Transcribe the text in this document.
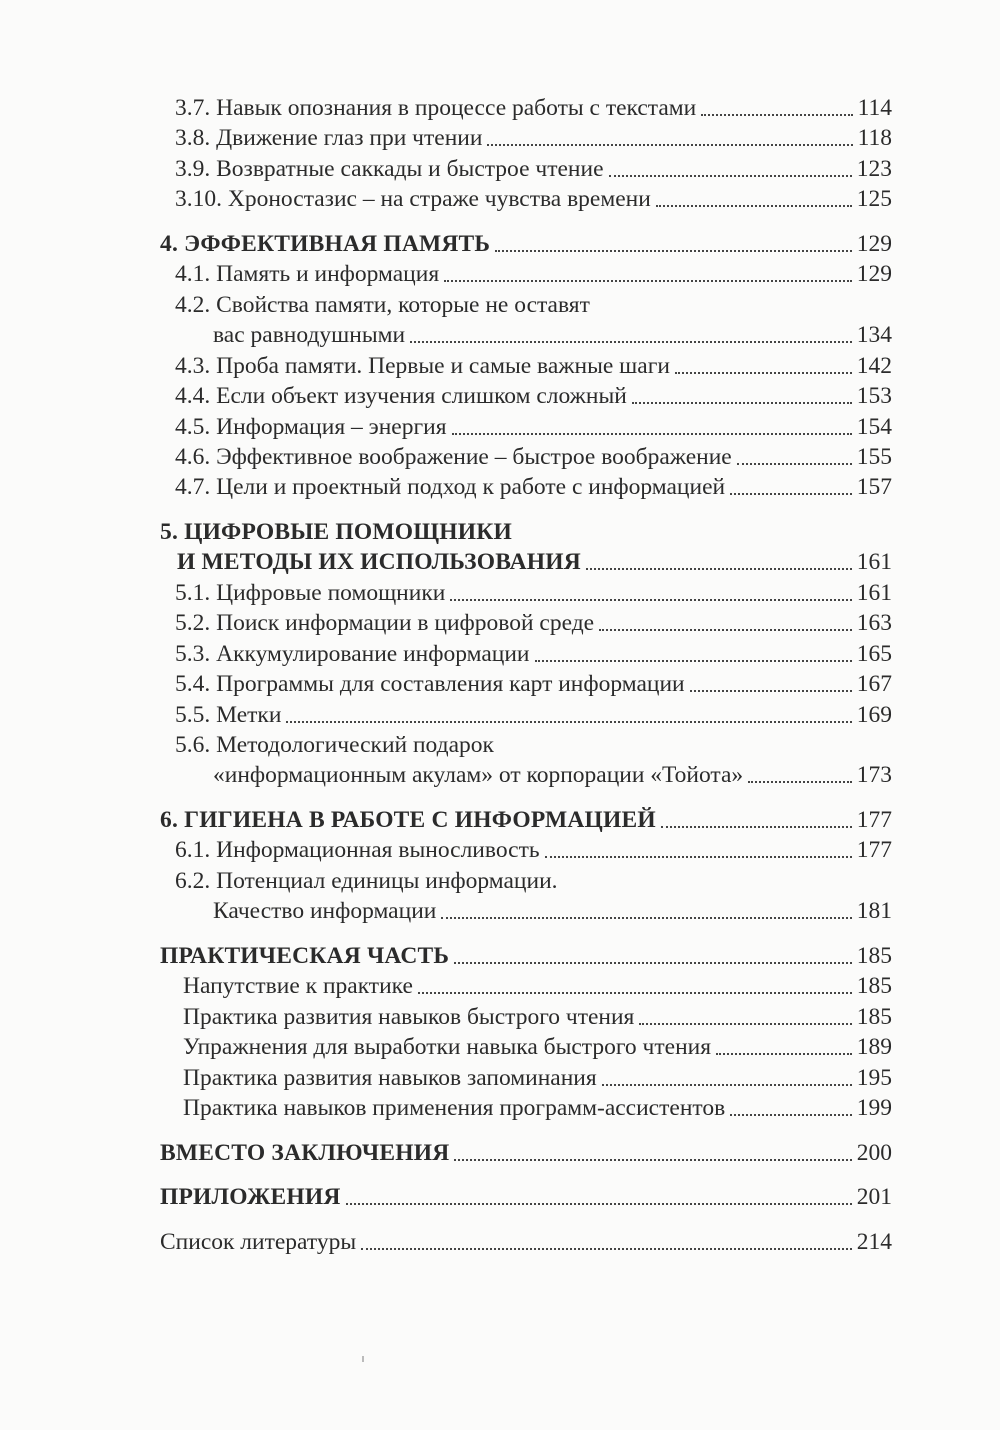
3.7. Навык опознания в процессе работы с текстами	114
3.8. Движение глаз при чтении	118
3.9. Возвратные саккады и быстрое чтение	123
3.10. Хроностазис – на страже чувства времени	125
4. ЭФФЕКТИВНАЯ ПАМЯТЬ	129
4.1. Память и информация	129
4.2. Свойства памяти, которые не оставят
вас равнодушными	134
4.3. Проба памяти. Первые и самые важные шаги	142
4.4. Если объект изучения слишком сложный	153
4.5. Информация – энергия	154
4.6. Эффективное воображение – быстрое воображение	155
4.7. Цели и проектный подход к работе с информацией	157
5. ЦИФРОВЫЕ ПОМОЩНИКИ
И МЕТОДЫ ИХ ИСПОЛЬЗОВАНИЯ	161
5.1. Цифровые помощники	161
5.2. Поиск информации в цифровой среде	163
5.3. Аккумулирование информации	165
5.4. Программы для составления карт информации	167
5.5. Метки	169
5.6. Методологический подарок
«информационным акулам» от корпорации «Тойота»	173
6. ГИГИЕНА В РАБОТЕ С ИНФОРМАЦИЕЙ	177
6.1. Информационная выносливость	177
6.2. Потенциал единицы информации.
Качество информации	181
ПРАКТИЧЕСКАЯ ЧАСТЬ	185
Напутствие к практике	185
Практика развития навыков быстрого чтения	185
Упражнения для выработки навыка быстрого чтения	189
Практика развития навыков запоминания	195
Практика навыков применения программ-ассистентов	199
ВМЕСТО ЗАКЛЮЧЕНИЯ	200
ПРИЛОЖЕНИЯ	201
Список литературы	214
